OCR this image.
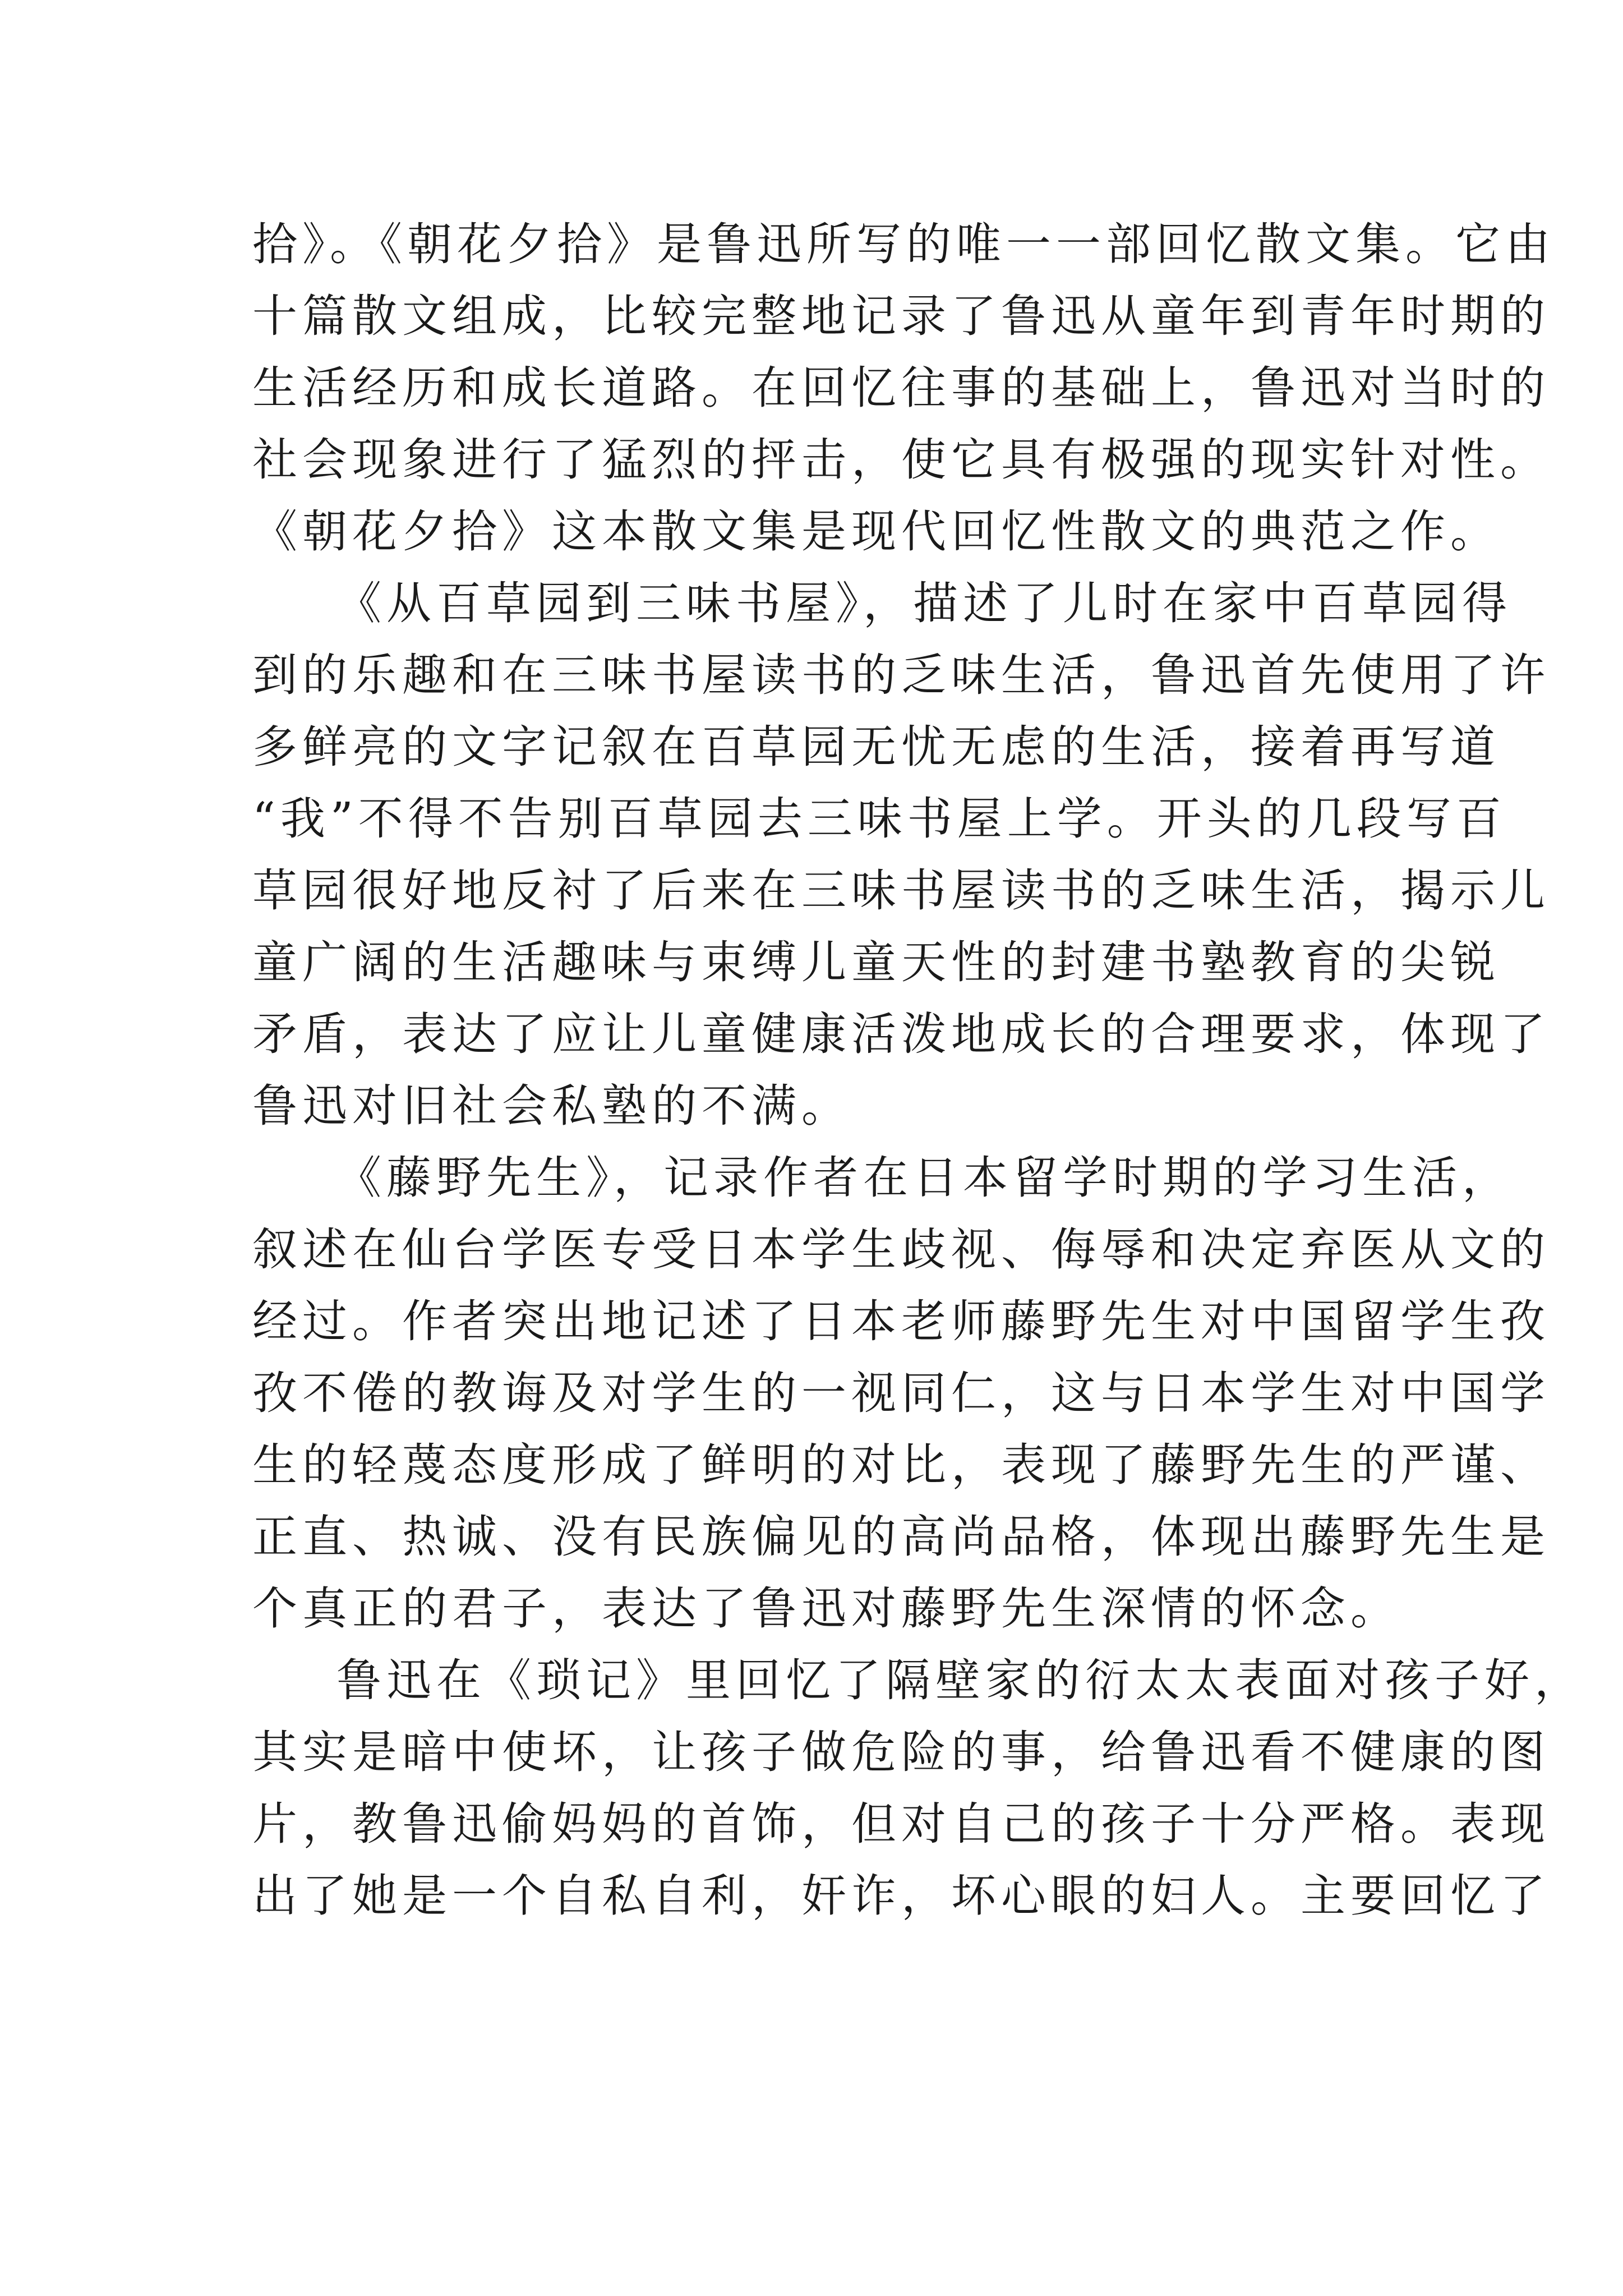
拾》。《朝花夕拾》是鲁迅所写的唯一一部回忆散文集。它由
十篇散文组成，比较完整地记录了鲁迅从童年到青年时期的
生活经历和成长道路。在回忆往事的基础上，鲁迅对当时的
社会现象进行了猛烈的抨击，使它具有极强的现实针对性。
《朝花夕拾》这本散文集是现代回忆性散文的典范之作。
《从百草园到三味书屋》，描述了儿时在家中百草园得
到的乐趣和在三味书屋读书的乏味生活，鲁迅首先使用了许
多鲜亮的文字记叙在百草园无忧无虑的生活，接着再写道
“我”不得不告别百草园去三味书屋上学。开头的几段写百
草园很好地反衬了后来在三味书屋读书的乏味生活，揭示儿
童广阔的生活趣味与束缚儿童天性的封建书塾教育的尖锐
矛盾，表达了应让儿童健康活泼地成长的合理要求，体现了
鲁迅对旧社会私塾的不满。
《藤野先生》，记录作者在日本留学时期的学习生活，
叙述在仙台学医专受日本学生歧视、侮辱和决定弃医从文的
经过。作者突出地记述了日本老师藤野先生对中国留学生孜
孜不倦的教诲及对学生的一视同仁，这与日本学生对中国学
生的轻蔑态度形成了鲜明的对比，表现了藤野先生的严谨、
正直、热诚、没有民族偏见的高尚品格，体现出藤野先生是
个真正的君子，表达了鲁迅对藤野先生深情的怀念。
鲁迅在《琐记》里回忆了隔壁家的衍太太表面对孩子好，
其实是暗中使坏，让孩子做危险的事，给鲁迅看不健康的图
片，教鲁迅偷妈妈的首饰，但对自己的孩子十分严格。表现
出了她是一个自私自利，奸诈，坏心眼的妇人。主要回忆了
